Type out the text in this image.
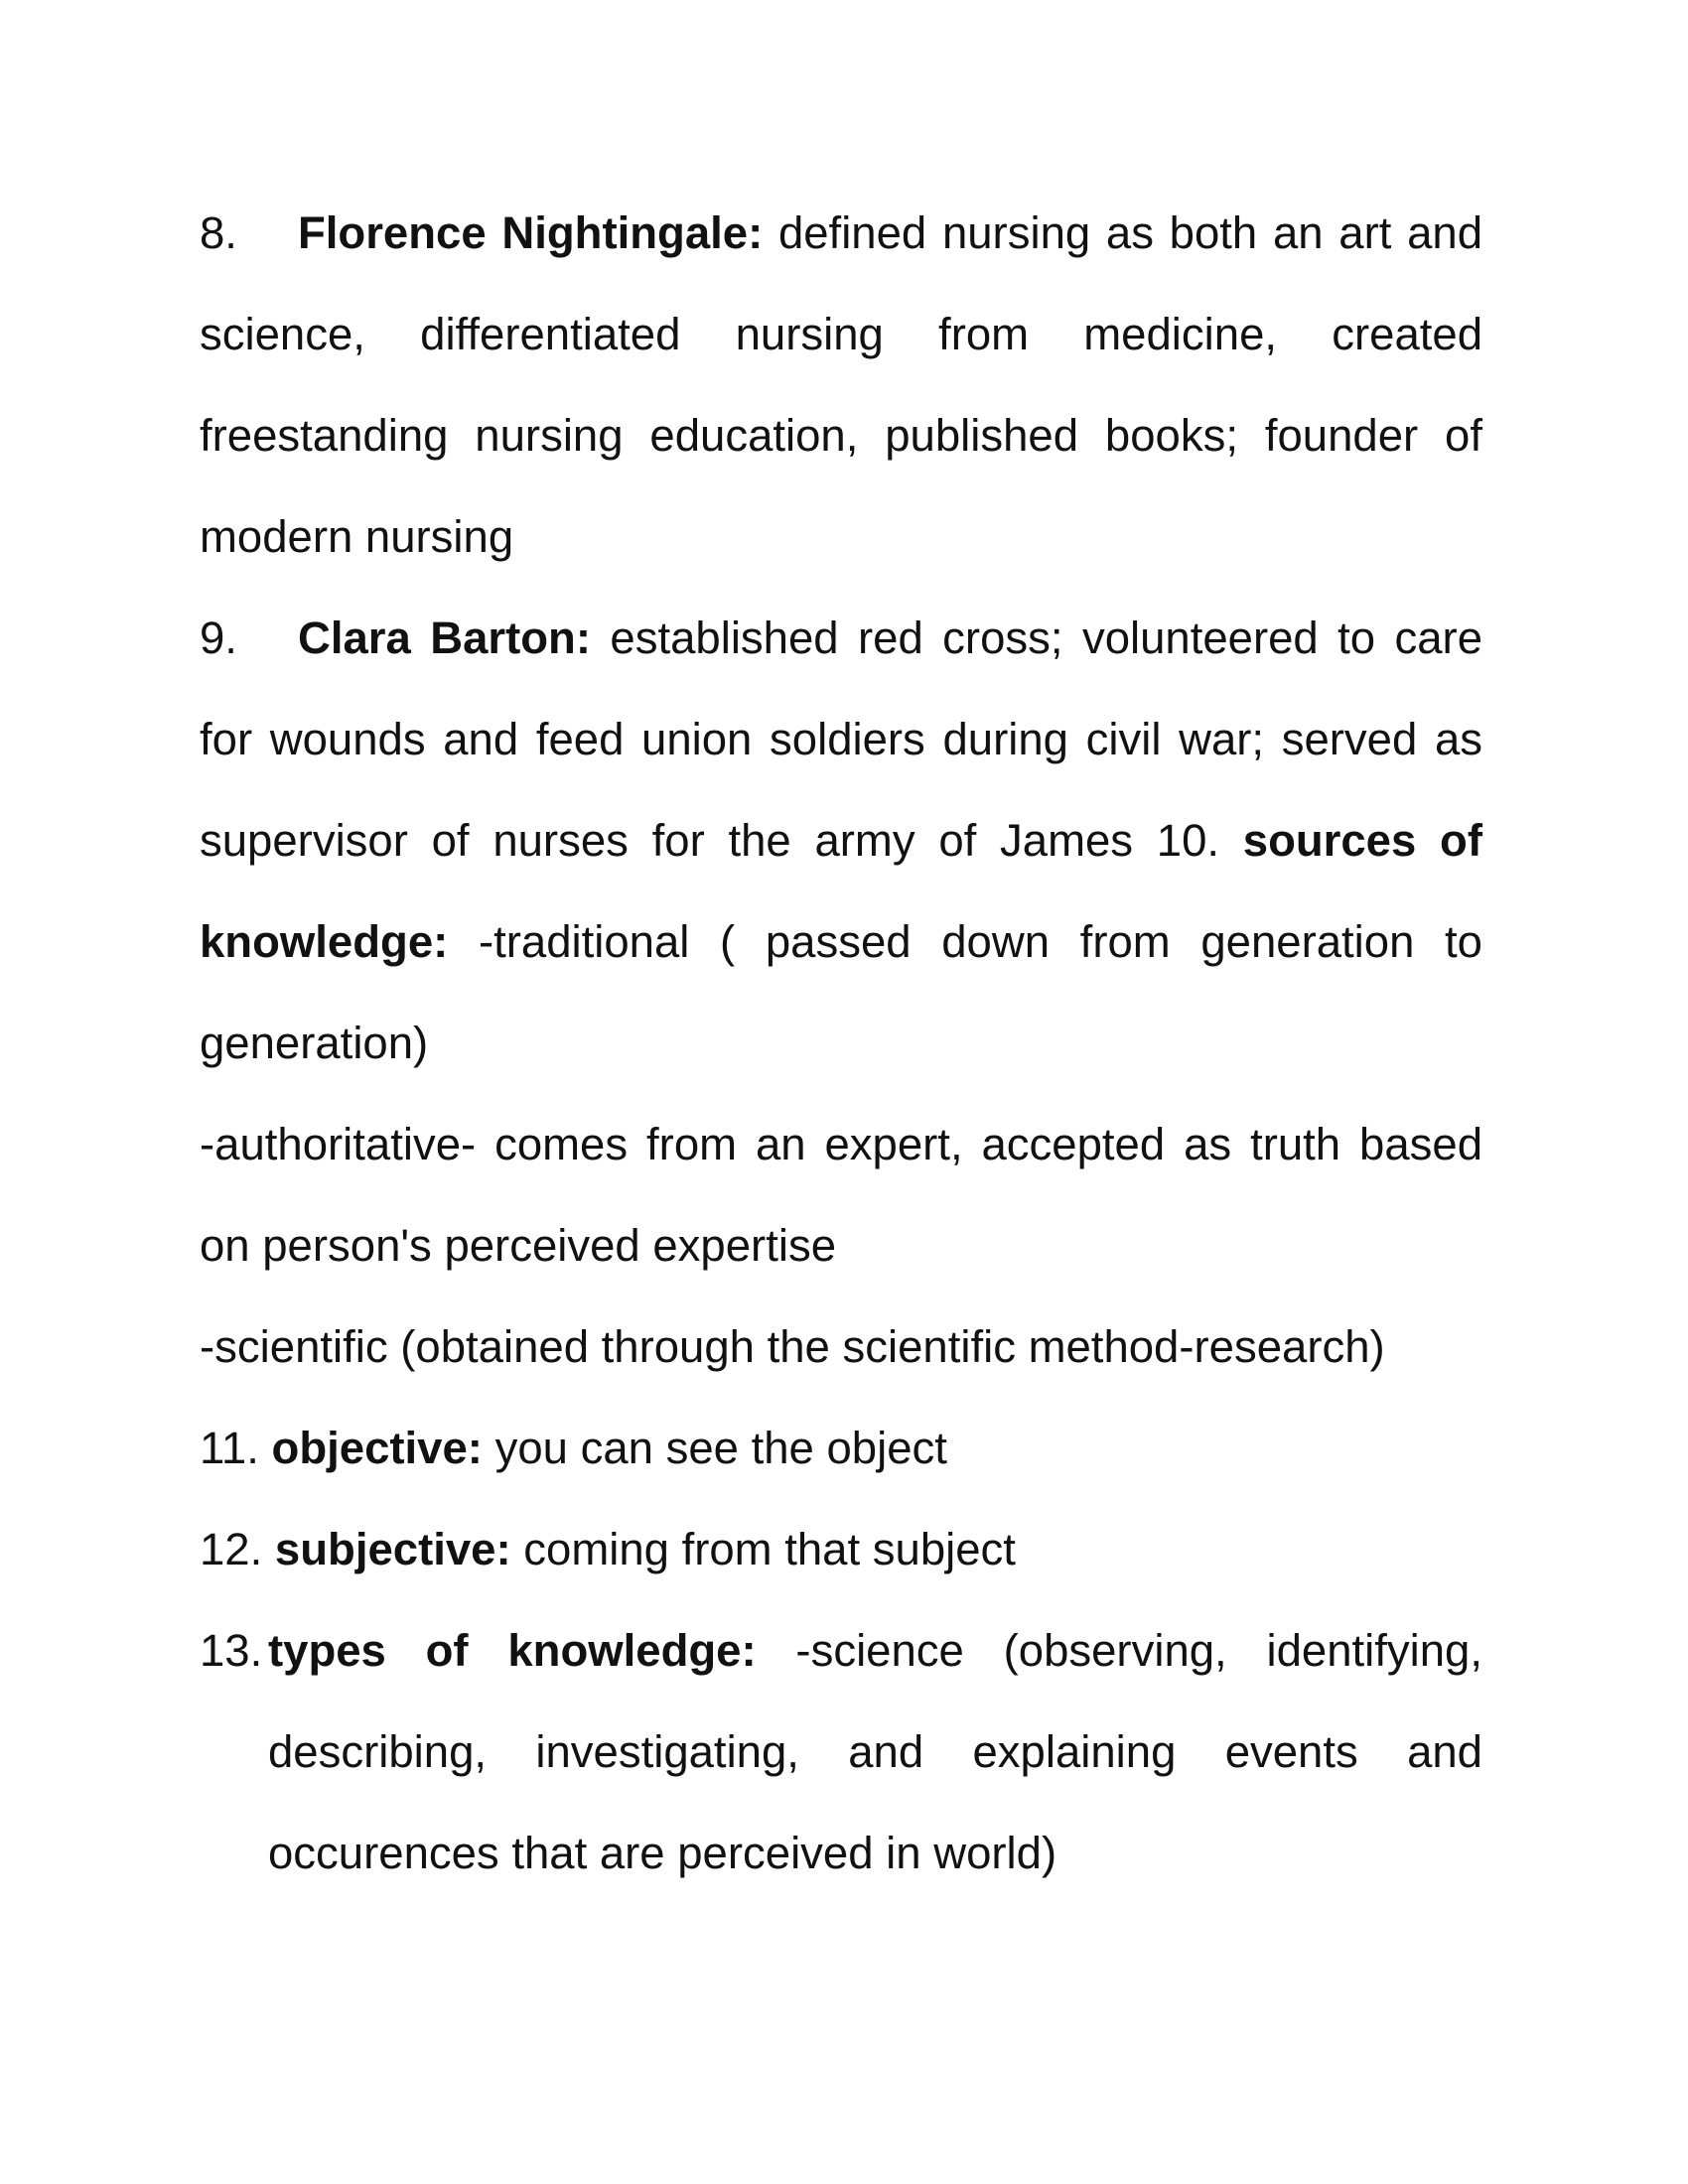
8. Florence Nightingale: defined nursing as both an art and science, differentiated nursing from medicine, created freestanding nursing education, published books; founder of modern nursing

9. Clara Barton: established red cross; volunteered to care for wounds and feed union soldiers during civil war; served as supervisor of nurses for the army of James 10. sources of knowledge: -traditional ( passed down from generation to generation)

-authoritative- comes from an expert, accepted as truth based on person's perceived expertise

-scientific (obtained through the scientific method-research)

11. objective: you can see the object

12. subjective: coming from that subject

13. types of knowledge: -science (observing, identifying, describing, investigating, and explaining events and occurences that are perceived in world)
